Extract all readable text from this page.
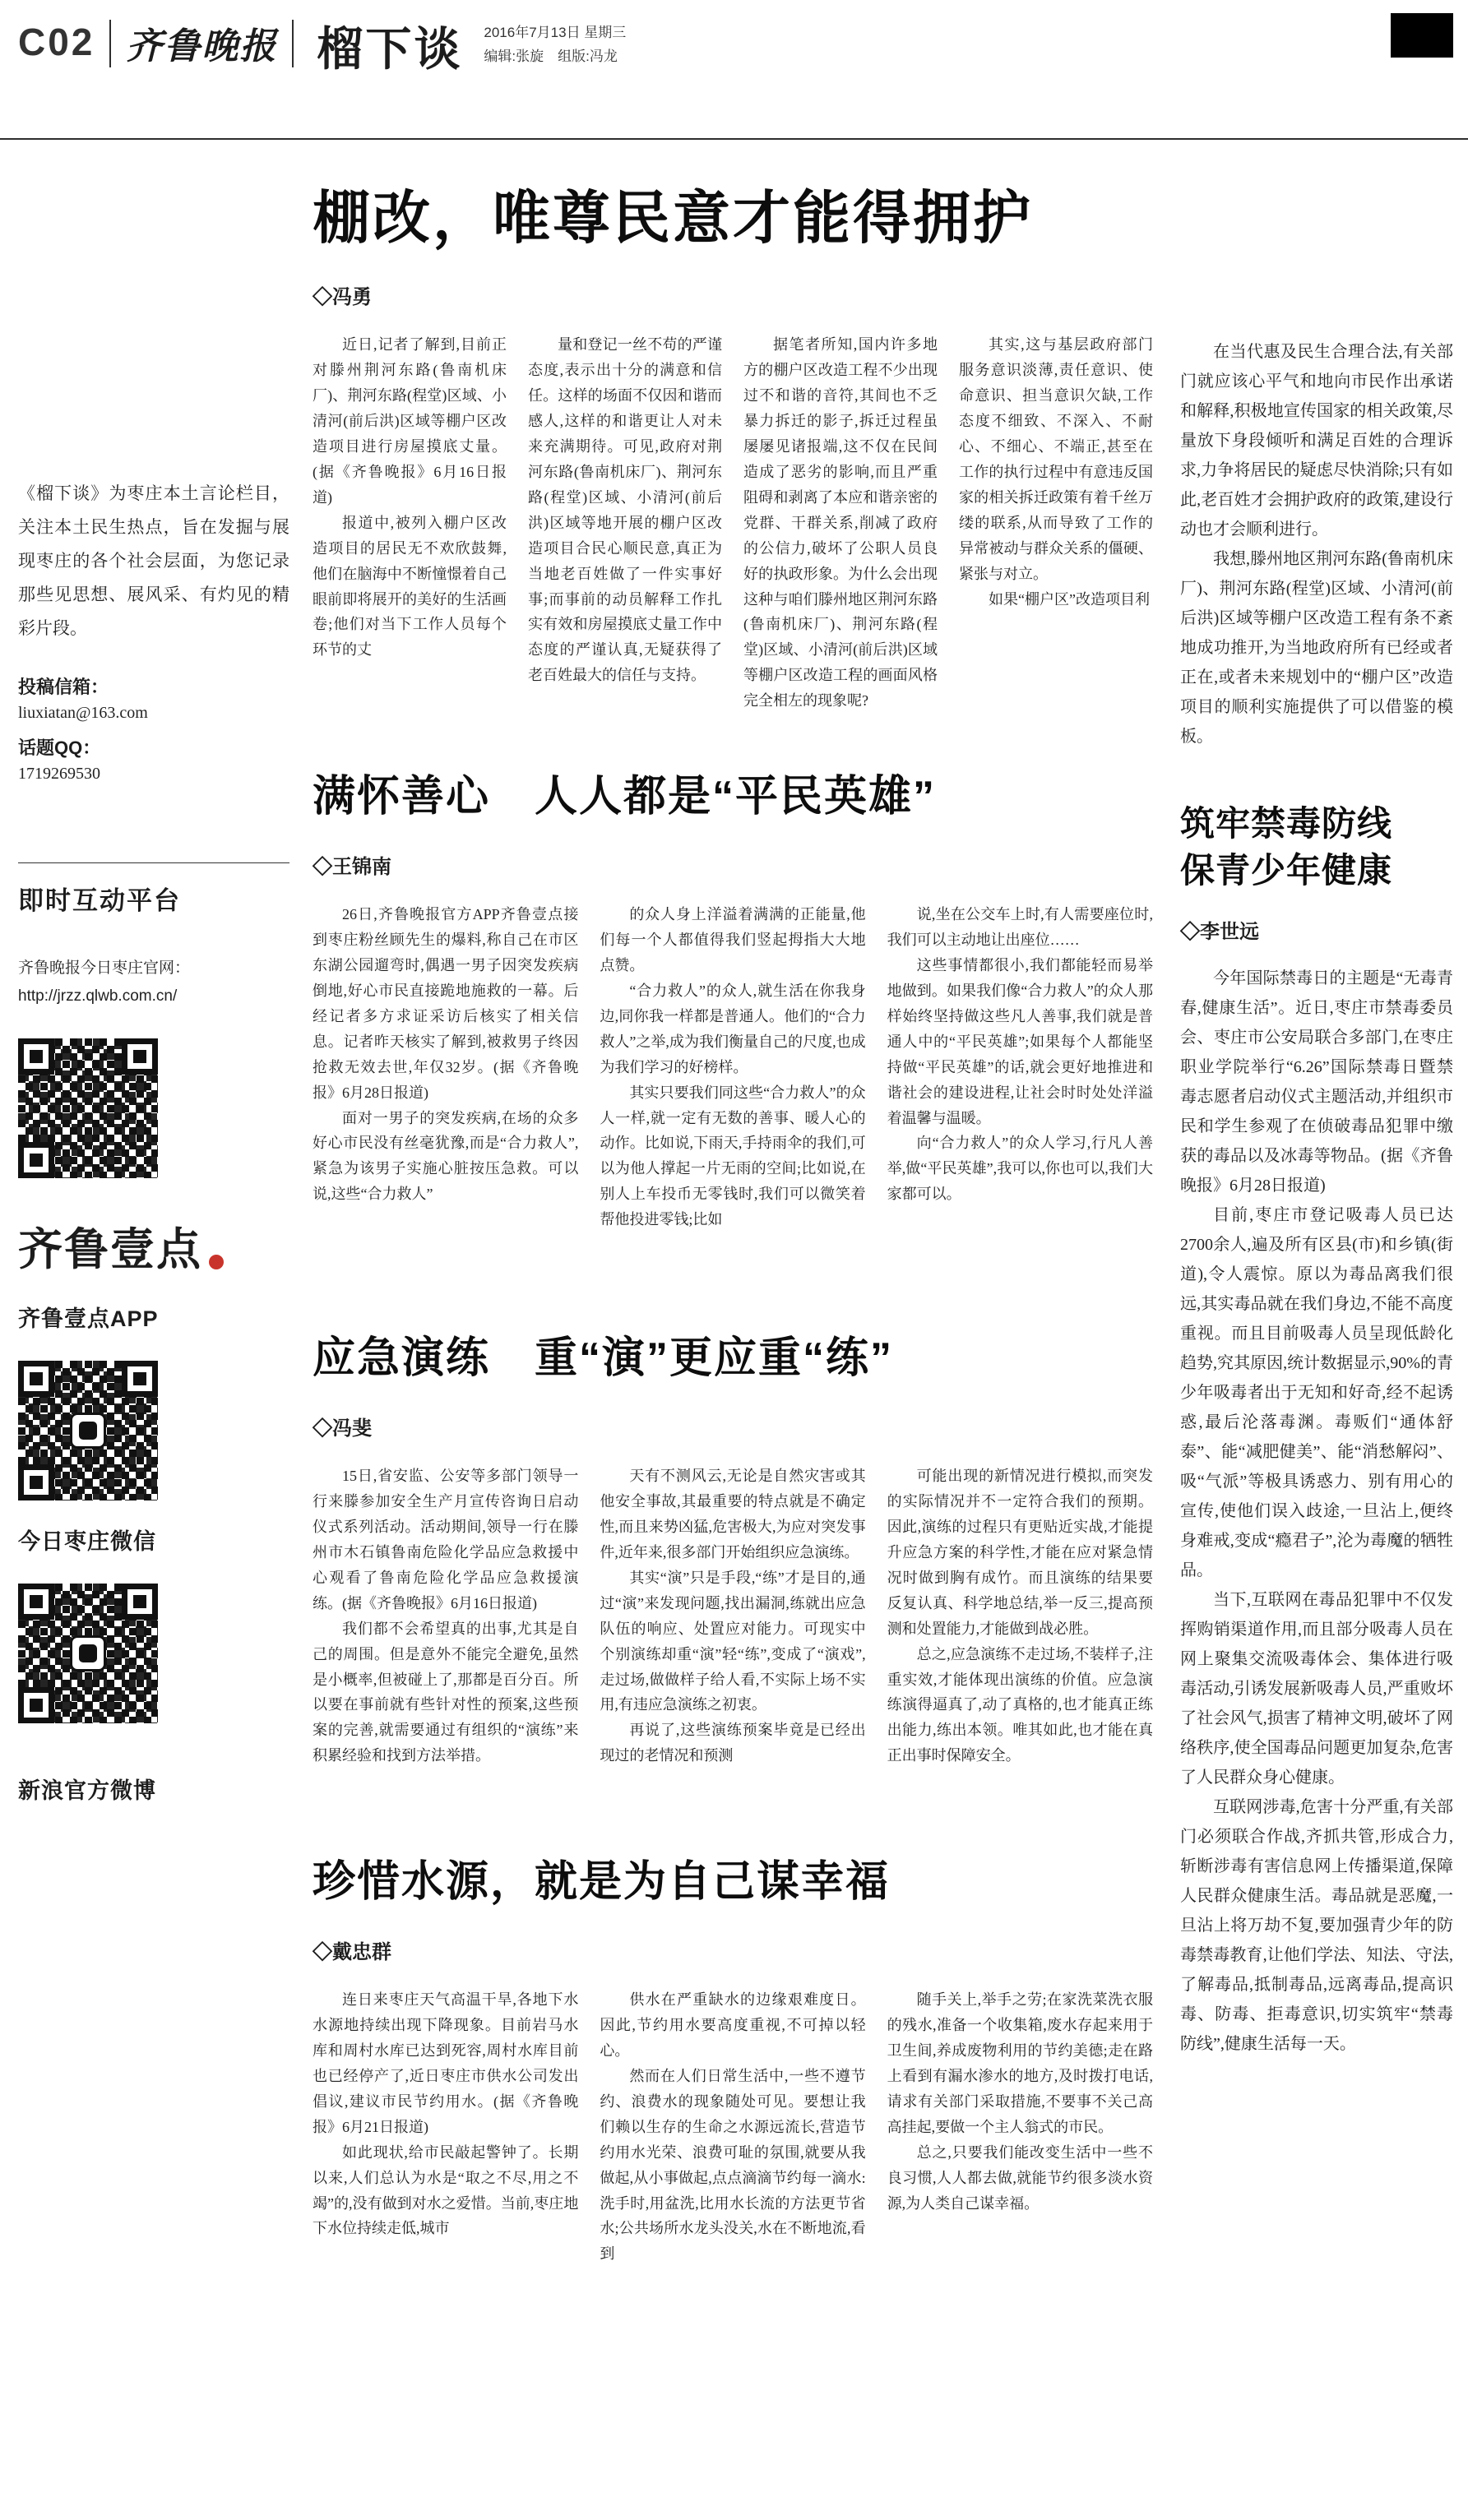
C02 齐鲁晚报 榴下谈 2016年7月13日 星期三
编辑:张旋　组版:冯龙

《榴下谈》为枣庄本土言论栏目，关注本土民生热点，旨在发掘与展现枣庄的各个社会层面，为您记录那些见思想、展风采、有灼见的精彩片段。

投稿信箱：
liuxiatan@163.com
话题QQ：
1719269530
即时互动平台
齐鲁晚报今日枣庄官网：
http://jrzz.qlwb.com.cn/
齐鲁壹点
齐鲁壹点APP
今日枣庄微信
新浪官方微博
棚改，唯尊民意才能得拥护
◇冯勇

近日,记者了解到,目前正对滕州荆河东路(鲁南机床厂)、荆河东路(程堂)区域、小清河(前后洪)区域等棚户区改造项目进行房屋摸底丈量。(据《齐鲁晚报》6月16日报道)

报道中,被列入棚户区改造项目的居民无不欢欣鼓舞,他们在脑海中不断憧憬着自己眼前即将展开的美好的生活画卷;他们对当下工作人员每个环节的丈

量和登记一丝不苟的严谨态度,表示出十分的满意和信任。这样的场面不仅因和谐而感人,这样的和谐更让人对未来充满期待。可见,政府对荆河东路(鲁南机床厂)、荆河东路(程堂)区域、小清河(前后洪)区域等地开展的棚户区改造项目合民心顺民意,真正为当地老百姓做了一件实事好事;而事前的动员解释工作扎实有效和房屋摸底丈量工作中态度的严谨认真,无疑获得了老百姓最大的信任与支持。

据笔者所知,国内许多地方的棚户区改造工程不少出现过不和谐的音符,其间也不乏暴力拆迁的影子,拆迁过程虽屡屡见诸报端,这不仅在民间造成了恶劣的影响,而且严重阻碍和剥离了本应和谐亲密的党群、干群关系,削减了政府的公信力,破坏了公职人员良好的执政形象。为什么会出现这种与咱们滕州地区荆河东路(鲁南机床厂)、荆河东路(程堂)区域、小清河(前后洪)区域等棚户区改造工程的画面风格完全相左的现象呢?

其实,这与基层政府部门服务意识淡薄,责任意识、使命意识、担当意识欠缺,工作态度不细致、不深入、不耐心、不细心、不端正,甚至在工作的执行过程中有意违反国家的相关拆迁政策有着千丝万缕的联系,从而导致了工作的异常被动与群众关系的僵硬、紧张与对立。

如果“棚户区”改造项目利

满怀善心　人人都是“平民英雄”
◇王锦南

26日,齐鲁晚报官方APP齐鲁壹点接到枣庄粉丝顾先生的爆料,称自己在市区东湖公园遛弯时,偶遇一男子因突发疾病倒地,好心市民直接跪地施救的一幕。后经记者多方求证采访后核实了相关信息。记者昨天核实了解到,被救男子终因抢救无效去世,年仅32岁。(据《齐鲁晚报》6月28日报道)

面对一男子的突发疾病,在场的众多好心市民没有丝毫犹豫,而是“合力救人”,紧急为该男子实施心脏按压急救。可以说,这些“合力救人”

的众人身上洋溢着满满的正能量,他们每一个人都值得我们竖起拇指大大地点赞。

“合力救人”的众人,就生活在你我身边,同你我一样都是普通人。他们的“合力救人”之举,成为我们衡量自己的尺度,也成为我们学习的好榜样。

其实只要我们同这些“合力救人”的众人一样,就一定有无数的善事、暖人心的动作。比如说,下雨天,手持雨伞的我们,可以为他人撑起一片无雨的空间;比如说,在别人上车投币无零钱时,我们可以微笑着帮他投进零钱;比如

说,坐在公交车上时,有人需要座位时,我们可以主动地让出座位……

这些事情都很小,我们都能轻而易举地做到。如果我们像“合力救人”的众人那样始终坚持做这些凡人善事,我们就是普通人中的“平民英雄”;如果每个人都能坚持做“平民英雄”的话,就会更好地推进和谐社会的建设进程,让社会时时处处洋溢着温馨与温暖。

向“合力救人”的众人学习,行凡人善举,做“平民英雄”,我可以,你也可以,我们大家都可以。

应急演练　重“演”更应重“练”
◇冯斐

15日,省安监、公安等多部门领导一行来滕参加安全生产月宣传咨询日启动仪式系列活动。活动期间,领导一行在滕州市木石镇鲁南危险化学品应急救援中心观看了鲁南危险化学品应急救援演练。(据《齐鲁晚报》6月16日报道)

我们都不会希望真的出事,尤其是自己的周围。但是意外不能完全避免,虽然是小概率,但被碰上了,那都是百分百。所以要在事前就有些针对性的预案,这些预案的完善,就需要通过有组织的“演练”来积累经验和找到方法举措。

天有不测风云,无论是自然灾害或其他安全事故,其最重要的特点就是不确定性,而且来势凶猛,危害极大,为应对突发事件,近年来,很多部门开始组织应急演练。

其实“演”只是手段,“练”才是目的,通过“演”来发现问题,找出漏洞,练就出应急队伍的响应、处置应对能力。可现实中个别演练却重“演”轻“练”,变成了“演戏”,走过场,做做样子给人看,不实际上场不实用,有违应急演练之初衷。

再说了,这些演练预案毕竟是已经出现过的老情况和预测

可能出现的新情况进行模拟,而突发的实际情况并不一定符合我们的预期。因此,演练的过程只有更贴近实战,才能提升应急方案的科学性,才能在应对紧急情况时做到胸有成竹。而且演练的结果要反复认真、科学地总结,举一反三,提高预测和处置能力,才能做到战必胜。

总之,应急演练不走过场,不装样子,注重实效,才能体现出演练的价值。应急演练演得逼真了,动了真格的,也才能真正练出能力,练出本领。唯其如此,也才能在真正出事时保障安全。

珍惜水源，就是为自己谋幸福
◇戴忠群

连日来枣庄天气高温干旱,各地下水水源地持续出现下降现象。目前岩马水库和周村水库已达到死容,周村水库目前也已经停产了,近日枣庄市供水公司发出倡议,建议市民节约用水。(据《齐鲁晚报》6月21日报道)

如此现状,给市民敲起警钟了。长期以来,人们总认为水是“取之不尽,用之不竭”的,没有做到对水之爱惜。当前,枣庄地下水位持续走低,城市

供水在严重缺水的边缘艰难度日。因此,节约用水要高度重视,不可掉以轻心。

然而在人们日常生活中,一些不遵节约、浪费水的现象随处可见。要想让我们赖以生存的生命之水源远流长,营造节约用水光荣、浪费可耻的氛围,就要从我做起,从小事做起,点点滴滴节约每一滴水:洗手时,用盆洗,比用水长流的方法更节省水;公共场所水龙头没关,水在不断地流,看到

随手关上,举手之劳;在家洗菜洗衣服的残水,准备一个收集箱,废水存起来用于卫生间,养成废物利用的节约美德;走在路上看到有漏水渗水的地方,及时拨打电话,请求有关部门采取措施,不要事不关己高高挂起,要做一个主人翁式的市民。

总之,只要我们能改变生活中一些不良习惯,人人都去做,就能节约很多淡水资源,为人类自己谋幸福。

在当代惠及民生合理合法,有关部门就应该心平气和地向市民作出承诺和解释,积极地宣传国家的相关政策,尽量放下身段倾听和满足百姓的合理诉求,力争将居民的疑虑尽快消除;只有如此,老百姓才会拥护政府的政策,建设行动也才会顺利进行。

我想,滕州地区荆河东路(鲁南机床厂)、荆河东路(程堂)区域、小清河(前后洪)区域等棚户区改造工程有条不紊地成功推开,为当地政府所有已经或者正在,或者未来规划中的“棚户区”改造项目的顺利实施提供了可以借鉴的模板。

筑牢禁毒防线
保青少年健康
◇李世远

今年国际禁毒日的主题是“无毒青春,健康生活”。近日,枣庄市禁毒委员会、枣庄市公安局联合多部门,在枣庄职业学院举行“6.26”国际禁毒日暨禁毒志愿者启动仪式主题活动,并组织市民和学生参观了在侦破毒品犯罪中缴获的毒品以及冰毒等物品。(据《齐鲁晚报》6月28日报道)

目前,枣庄市登记吸毒人员已达2700余人,遍及所有区县(市)和乡镇(街道),令人震惊。原以为毒品离我们很远,其实毒品就在我们身边,不能不高度重视。而且目前吸毒人员呈现低龄化趋势,究其原因,统计数据显示,90%的青少年吸毒者出于无知和好奇,经不起诱惑,最后沦落毒渊。毒贩们“通体舒泰”、能“减肥健美”、能“消愁解闷”、吸“气派”等极具诱惑力、别有用心的宣传,使他们误入歧途,一旦沾上,便终身难戒,变成“瘾君子”,沦为毒魔的牺牲品。

当下,互联网在毒品犯罪中不仅发挥购销渠道作用,而且部分吸毒人员在网上聚集交流吸毒体会、集体进行吸毒活动,引诱发展新吸毒人员,严重败坏了社会风气,损害了精神文明,破坏了网络秩序,使全国毒品问题更加复杂,危害了人民群众身心健康。

互联网涉毒,危害十分严重,有关部门必须联合作战,齐抓共管,形成合力,斩断涉毒有害信息网上传播渠道,保障人民群众健康生活。毒品就是恶魔,一旦沾上将万劫不复,要加强青少年的防毒禁毒教育,让他们学法、知法、守法,了解毒品,抵制毒品,远离毒品,提高识毒、防毒、拒毒意识,切实筑牢“禁毒防线”,健康生活每一天。
